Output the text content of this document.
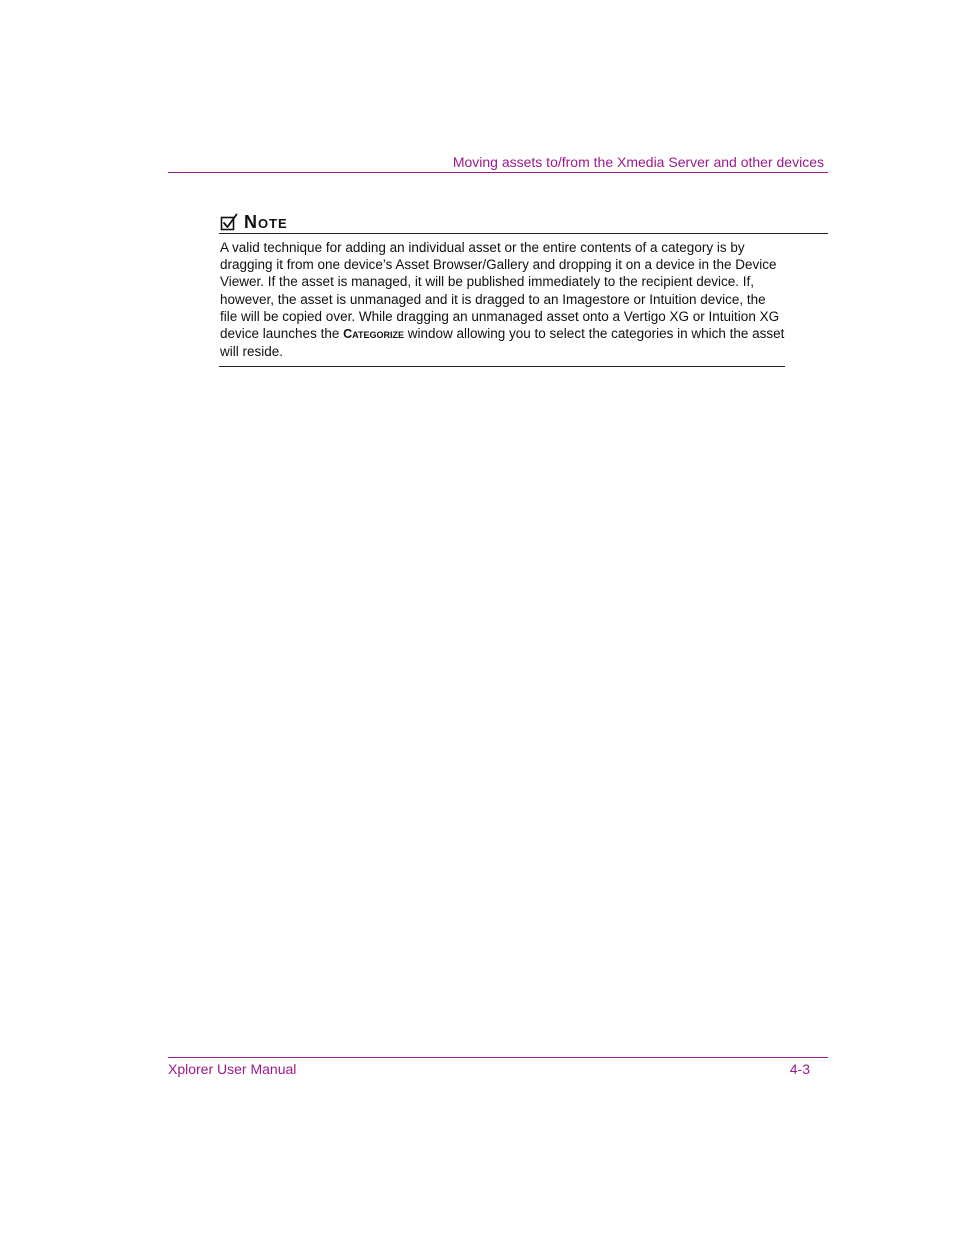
Moving assets to/from the Xmedia Server and other devices
Note

A valid technique for adding an individual asset or the entire contents of a category is by dragging it from one device’s Asset Browser/Gallery and dropping it on a device in the Device Viewer. If the asset is managed, it will be published immediately to the recipient device. If, however, the asset is unmanaged and it is dragged to an Imagestore or Intuition device, the file will be copied over. While dragging an unmanaged asset onto a Vertigo XG or Intuition XG device launches the Categorize window allowing you to select the categories in which the asset will reside.

Xplorer User Manual	4-3
